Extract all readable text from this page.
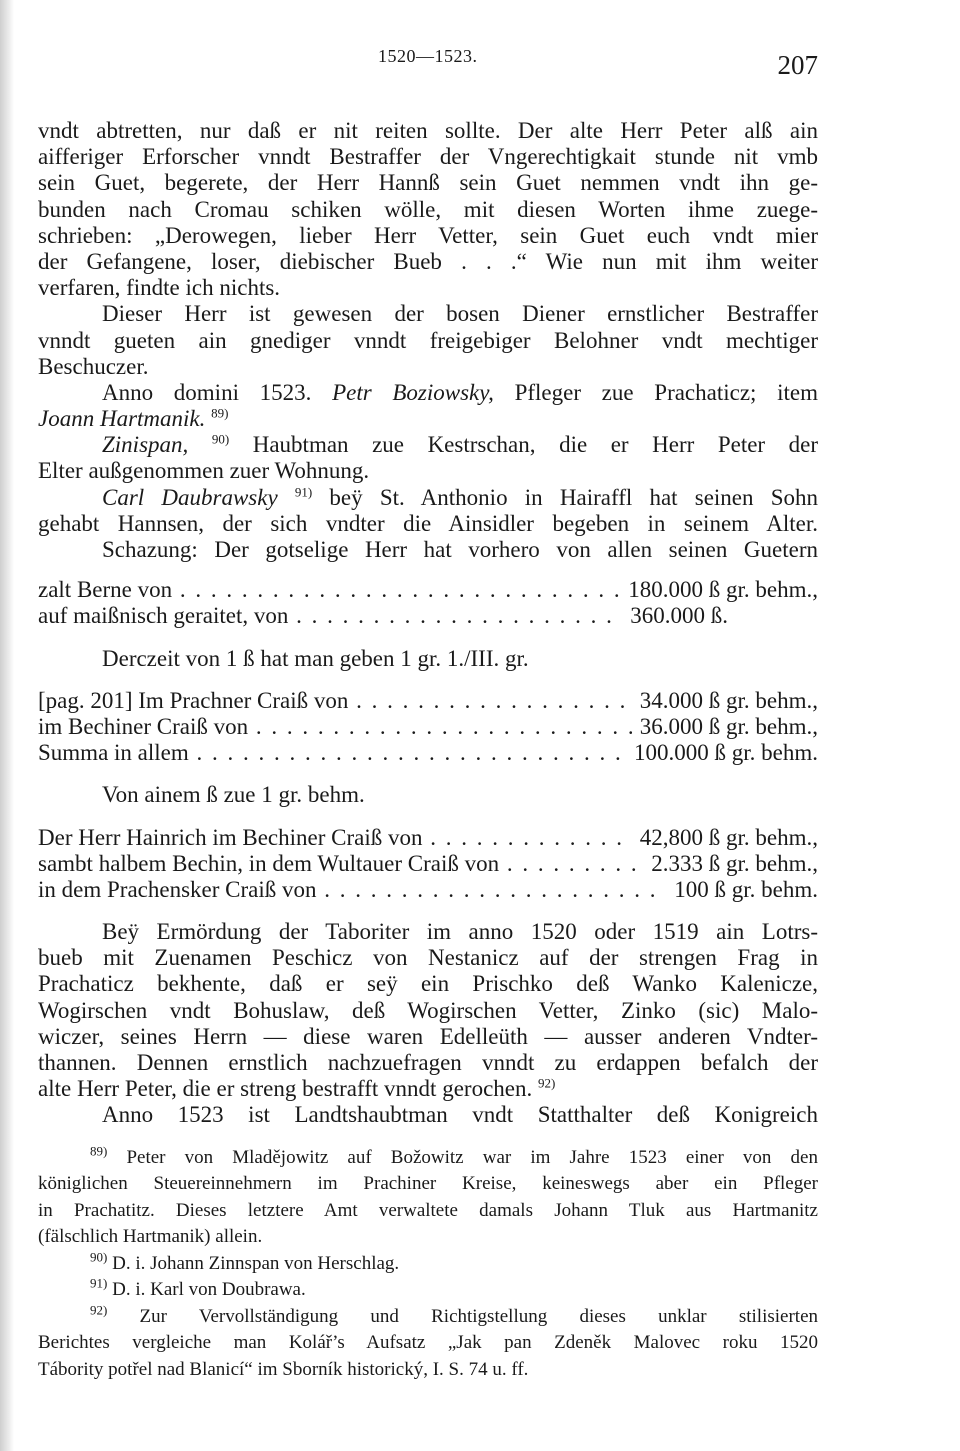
1520—1523.	207
vndt abtretten, nur daß er nit reiten sollte. Der alte Herr Peter alß ain
aifferiger Erforscher vnndt Bestraffer der Vngerechtigkait stunde nit vmb
sein Guet, begerete, der Herr Hannß sein Guet nemmen vndt ihn ge-
bunden nach Cromau schiken wölle, mit diesen Worten ihme zuege-
schrieben: „Derowegen, lieber Herr Vetter, sein Guet euch vndt mier
der Gefangene, loser, diebischer Bueb . . .“ Wie nun mit ihm weiter
verfaren, findte ich nichts.
Dieser Herr ist gewesen der bosen Diener ernstlicher Bestraffer
vnndt gueten ain gnediger vnndt freigebiger Belohner vndt mechtiger
Beschuczer.
Anno domini 1523. Petr Boziowsky, Pfleger zue Prachaticz; item
Joann Hartmanik. $^{89)}$
Zinispan, $^{90)}$ Haubtman zue Kestrschan, die er Herr Peter der
Elter außgenommen zuer Wohnung.
Carl Daubrawsky $^{91)}$ beÿ St. Anthonio in Hairaffl hat seinen Sohn
gehabt Hannsen, der sich vndter die Ainsidler begeben in seinem Alter.
Schazung: Der gotselige Herr hat vorhero von allen seinen Guetern
zalt Berne von . . .	180.000 ß gr. behm.,
auf maißnisch geraitet, von . . .	360.000 ß.
Derczeit von 1 ß hat man geben 1 gr. 1./III. gr.
[pag. 201] Im Prachner Craiß von . . .	34.000 ß gr. behm.,
im Bechiner Craiß von . . .	36.000 ß gr. behm.,
Summa in allem . . .	100.000 ß gr. behm.
Von ainem ß zue 1 gr. behm.
Der Herr Hainrich im Bechiner Craiß von . . .	42,800 ß gr. behm.,
sambt halbem Bechin, in dem Wultauer Craiß von . . .	2.333 ß gr. behm.,
in dem Prachensker Craiß von . . .	100 ß gr. behm.
Beÿ Ermördung der Taboriter im anno 1520 oder 1519 ain Lotrs-
bueb mit Zuenamen Peschicz von Nestanicz auf der strengen Frag in
Prachaticz bekhente, daß er seÿ ein Prischko deß Wanko Kalenicze,
Wogirschen vndt Bohuslaw, deß Wogirschen Vetter, Zinko (sic) Malo-
wiczer, seines Herrn — diese waren Edelleüth — ausser anderen Vndter-
thannen. Dennen ernstlich nachzuefragen vnndt zu erdappen befalch der
alte Herr Peter, die er streng bestrafft vnndt gerochen. $^{92)}$
Anno 1523 ist Landtshaubtman vndt Statthalter deß Konigreich
$^{89)}$ Peter von Mladějowitz auf Božowitz war im Jahre 1523 einer von den
königlichen Steuereinnehmern im Prachiner Kreise, keineswegs aber ein Pfleger
in Prachatitz. Dieses letztere Amt verwaltete damals Johann Tluk aus Hartmanitz
(fälschlich Hartmanik) allein.
$^{90)}$ D. i. Johann Zinnspan von Herschlag.
$^{91)}$ D. i. Karl von Doubrawa.
$^{92)}$ Zur Vervollständigung und Richtigstellung dieses unklar stilisierten
Berichtes vergleiche man Kolář’s Aufsatz „Jak pan Zdeněk Malovec roku 1520
Tábority potřel nad Blanicí“ im Sborník historický, I. S. 74 u. ff.
